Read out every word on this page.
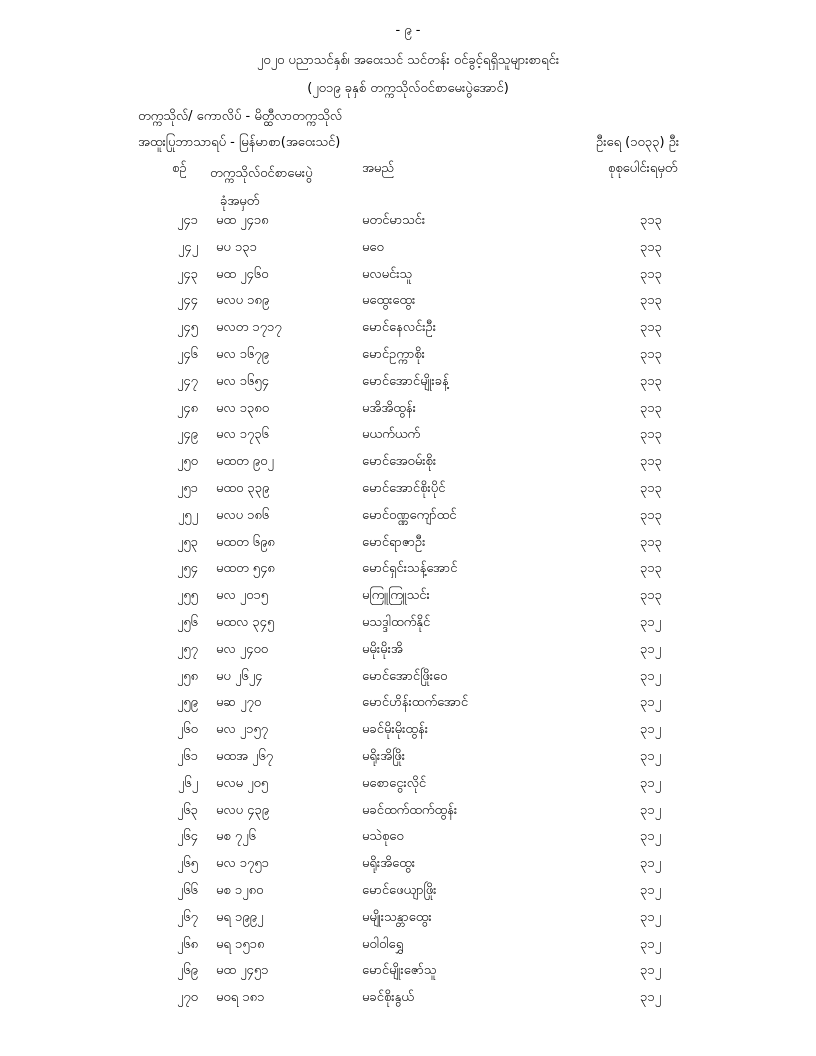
- ၉ -
၂၀၂၀ ပညာသင်နှစ်၊ အဝေးသင် သင်တန်း ဝင်ခွင့်ရရှိသူများစာရင်း
(၂၀၁၉ ခုနှစ် တက္ကသိုလ်ဝင်စာမေးပွဲအောင်)
တက္ကသိုလ်/ ကောလိပ် - မိတ္ထီလာတက္ကသိုလ်
အထူးပြုဘာသာရပ် - မြန်မာစာ(အဝေးသင်)	ဦးရေ (၁၀၃၃) ဦး
စဉ် တက္ကသိုလ်ဝင်စာမေးပွဲ
ခုံအမှတ်
အမည်	စုစုပေါင်းရမှတ်
၂၄၁ မထ ၂၄၁၈	မတင်မာသင်း	၃၁၃
၂၄၂ မပ ၁၃၁	မဝေ	၃၁၃
၂၄၃ မထ ၂၄၆၀	မလမင်းသူ	၃၁၃
၂၄၄ မလပ ၁၈၉	မထွေးထွေး	၃၁၃
၂၄၅ မလတ ၁၇၁၇	မောင်နေလင်းဦး	၃၁၃
၂၄၆ မလ ၁၆၇၉	မောင်ဥက္ကာစိုး	၃၁၃
၂၄၇ မလ ၁၆၅၄	မောင်အောင်မျိုးခန့်	၃၁၃
၂၄၈ မလ ၁၃၈၀	မအိအိထွန်း	၃၁၃
၂၄၉ မလ ၁၇၃၆	မယက်ယက်	၃၁၃
၂၅၀ မထတ ၉၀၂	မောင်အေဝမ်းစိုး	၃၁၃
၂၅၁ မထဝ ၃၃၉	မောင်အောင်စိုးပိုင်	၃၁၃
၂၅၂ မလပ ၁၈၆	မောင်ဝဏ္ဏကျော်ထင်	၃၁၃
၂၅၃ မထတ ၆၉၈	မောင်ရာဇာဦး	၃၁၃
၂၅၄ မထတ ၅၄၈	မောင်ရှင်းသန့်အောင်	၃၁၃
၂၅၅ မလ ၂၀၁၅	မကြူကြူသင်း	၃၁၃
၂၅၆ မထလ ၃၄၅	မသဒ္ဒါထက်နိုင်	၃၁၂
၂၅၇ မလ ၂၄၀၀	မမိုးမိုးအိ	၃၁၂
၂၅၈ မပ ၂၆၂၄	မောင်အောင်ဖြိုးဝေ	၃၁၂
၂၅၉ မဆ ၂၇၀	မောင်ဟိန်းထက်အောင်	၃၁၂
၂၆၀ မလ ၂၁၅၇	မခင်မိုးမိုးထွန်း	၃၁၂
၂၆၁ မထအ ၂၆၇	မရိုးအိဖြိုး	၃၁၂
၂၆၂ မလမ ၂၀၅	မစောငွေးလိုင်	၃၁၂
၂၆၃ မလပ ၄၃၉	မခင်ထက်ထက်ထွန်း	၃၁၂
၂၆၄ မစ ၇၂၆	မသဲစုဝေ	၃၁၂
၂၆၅ မလ ၁၇၅၁	မရိုးအိထွေး	၃၁၂
၂၆၆ မစ ၁၂၈၀	မောင်ဖေယျာဖြိုး	၃၁၂
၂၆၇ မရ ၁၉၉၂	မမျိုးသန္တာထွေး	၃၁၂
၂၆၈ မရ ၁၅၁၈	မဝါဝါရွှေ	၃၁၂
၂၆၉ မထ ၂၄၅၁	မောင်မျိုးဇော်သူ	၃၁၂
၂၇၀ မဝရ ၁၈၁	မခင်စိုးနွယ်	၃၁၂
